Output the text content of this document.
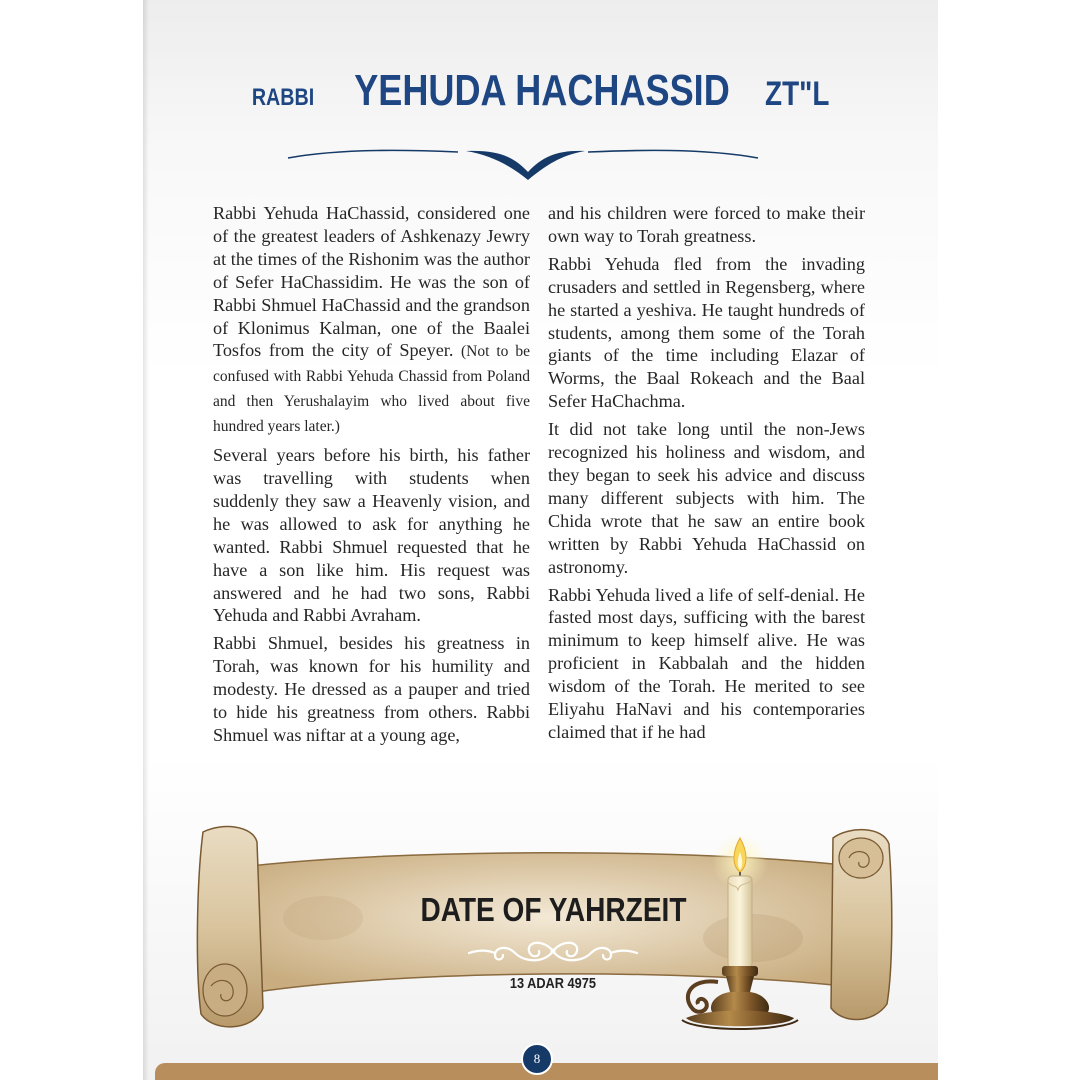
RABBI YEHUDA HACHASSID ZT"L

Rabbi Yehuda HaChassid, considered one of the greatest leaders of Ashkenazy Jewry at the times of the Rishonim was the author of Sefer HaChassidim. He was the son of Rabbi Shmuel HaChassid and the grandson of Klonimus Kalman, one of the Baalei Tosfos from the city of Speyer. (Not to be confused with Rabbi Yehuda Chassid from Poland and then Yerushalayim who lived about five hundred years later.)

Several years before his birth, his father was travelling with students when suddenly they saw a Heavenly vision, and he was allowed to ask for anything he wanted. Rabbi Shmuel requested that he have a son like him. His request was answered and he had two sons, Rabbi Yehuda and Rabbi Avraham.

Rabbi Shmuel, besides his greatness in Torah, was known for his humility and modesty. He dressed as a pauper and tried to hide his greatness from others. Rabbi Shmuel was niftar at a young age,

and his children were forced to make their own way to Torah greatness.

Rabbi Yehuda fled from the invading crusaders and settled in Regensberg, where he started a yeshiva. He taught hundreds of students, among them some of the Torah giants of the time including Elazar of Worms, the Baal Rokeach and the Baal Sefer HaChachma.

It did not take long until the non-Jews recognized his holiness and wisdom, and they began to seek his advice and discuss many different subjects with him. The Chida wrote that he saw an entire book written by Rabbi Yehuda HaChassid on astronomy.

Rabbi Yehuda lived a life of self-denial. He fasted most days, sufficing with the barest minimum to keep himself alive. He was proficient in Kabbalah and the hidden wisdom of the Torah. He merited to see Eliyahu HaNavi and his contemporaries claimed that if he had

DATE OF YAHRZEIT
13 ADAR 4975
8
